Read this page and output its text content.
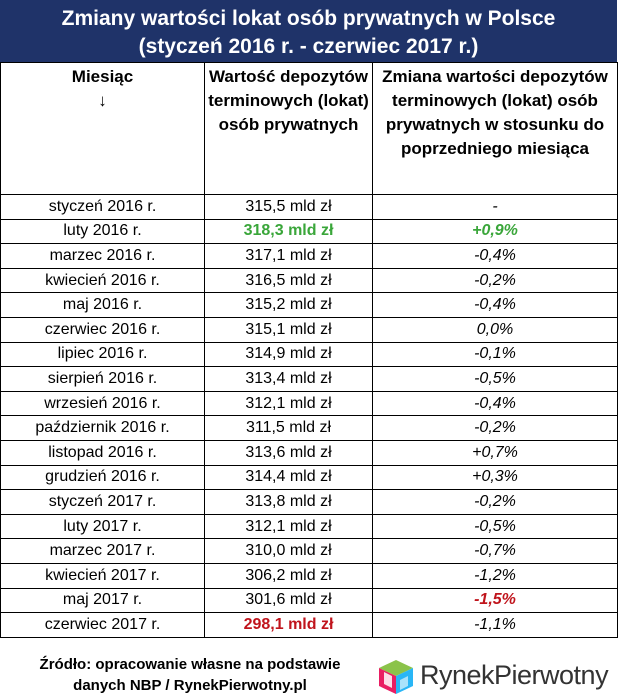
Zmiany wartości lokat osób prywatnych w Polsce
(styczeń 2016 r. - czerwiec 2017 r.)
Miesiąc
↓	Wartość depozytów terminowych (lokat) osób prywatnych	Zmiana wartości depozytów terminowych (lokat) osób prywatnych w stosunku do poprzedniego miesiąca
styczeń 2016 r.	315,5 mld zł	-
luty 2016 r.	318,3 mld zł	+0,9%
marzec 2016 r.	317,1 mld zł	-0,4%
kwiecień 2016 r.	316,5 mld zł	-0,2%
maj 2016 r.	315,2 mld zł	-0,4%
czerwiec 2016 r.	315,1 mld zł	0,0%
lipiec 2016 r.	314,9 mld zł	-0,1%
sierpień 2016 r.	313,4 mld zł	-0,5%
wrzesień 2016 r.	312,1 mld zł	-0,4%
październik 2016 r.	311,5 mld zł	-0,2%
listopad 2016 r.	313,6 mld zł	+0,7%
grudzień 2016 r.	314,4 mld zł	+0,3%
styczeń 2017 r.	313,8 mld zł	-0,2%
luty 2017 r.	312,1 mld zł	-0,5%
marzec 2017 r.	310,0 mld zł	-0,7%
kwiecień 2017 r.	306,2 mld zł	-1,2%
maj 2017 r.	301,6 mld zł	-1,5%
czerwiec 2017 r.	298,1 mld zł	-1,1%
Źródło: opracowanie własne na podstawie
danych NBP / RynekPierwotny.pl	RynekPierwotny
